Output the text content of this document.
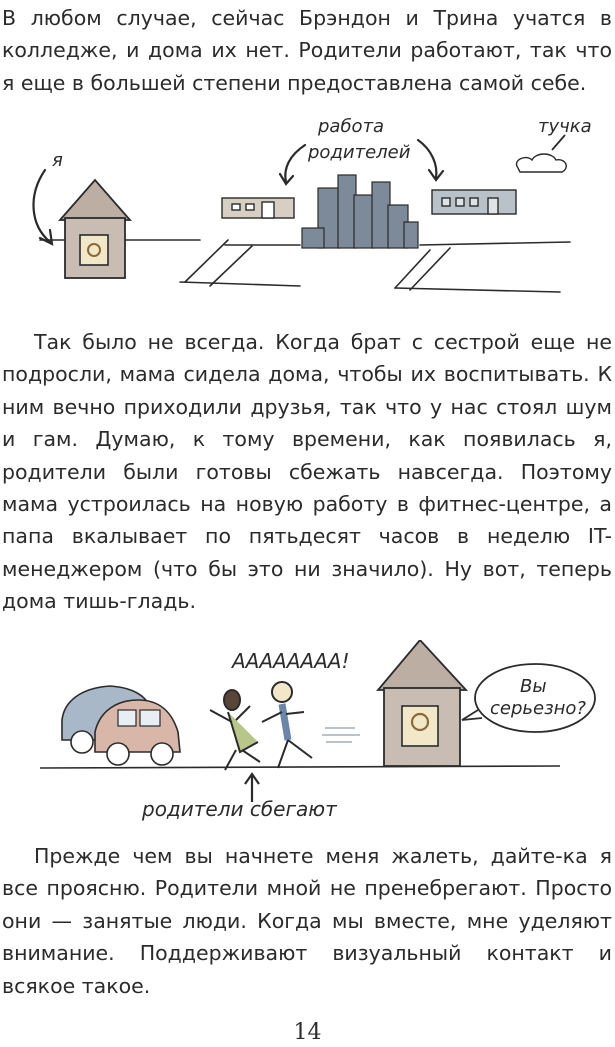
В любом случае, сейчас Брэндон и Трина учатся в колледже, и дома их нет. Родители работают, так что я еще в большей степени предоставлена самой себе.

я
работа
родителей
тучка

Так было не всегда. Когда брат с сестрой еще не подросли, мама сидела дома, чтобы их воспитывать. К ним вечно приходили друзья, так что у нас стоял шум и гам. Думаю, к тому времени, как появилась я, родители были готовы сбежать навсегда. Поэтому мама устроилась на новую работу в фитнес-центре, а папа вкалывает по пятьдесят часов в неделю IT-менеджером (что бы это ни значило). Ну вот, теперь дома тишь-гладь.

АААААААА!
Вы
серьезно?
родители сбегают

Прежде чем вы начнете меня жалеть, дайте-ка я все проясню. Родители мной не пренебрегают. Просто они — занятые люди. Когда мы вместе, мне уделяют внимание. Поддерживают визуальный контакт и всякое такое.

14
